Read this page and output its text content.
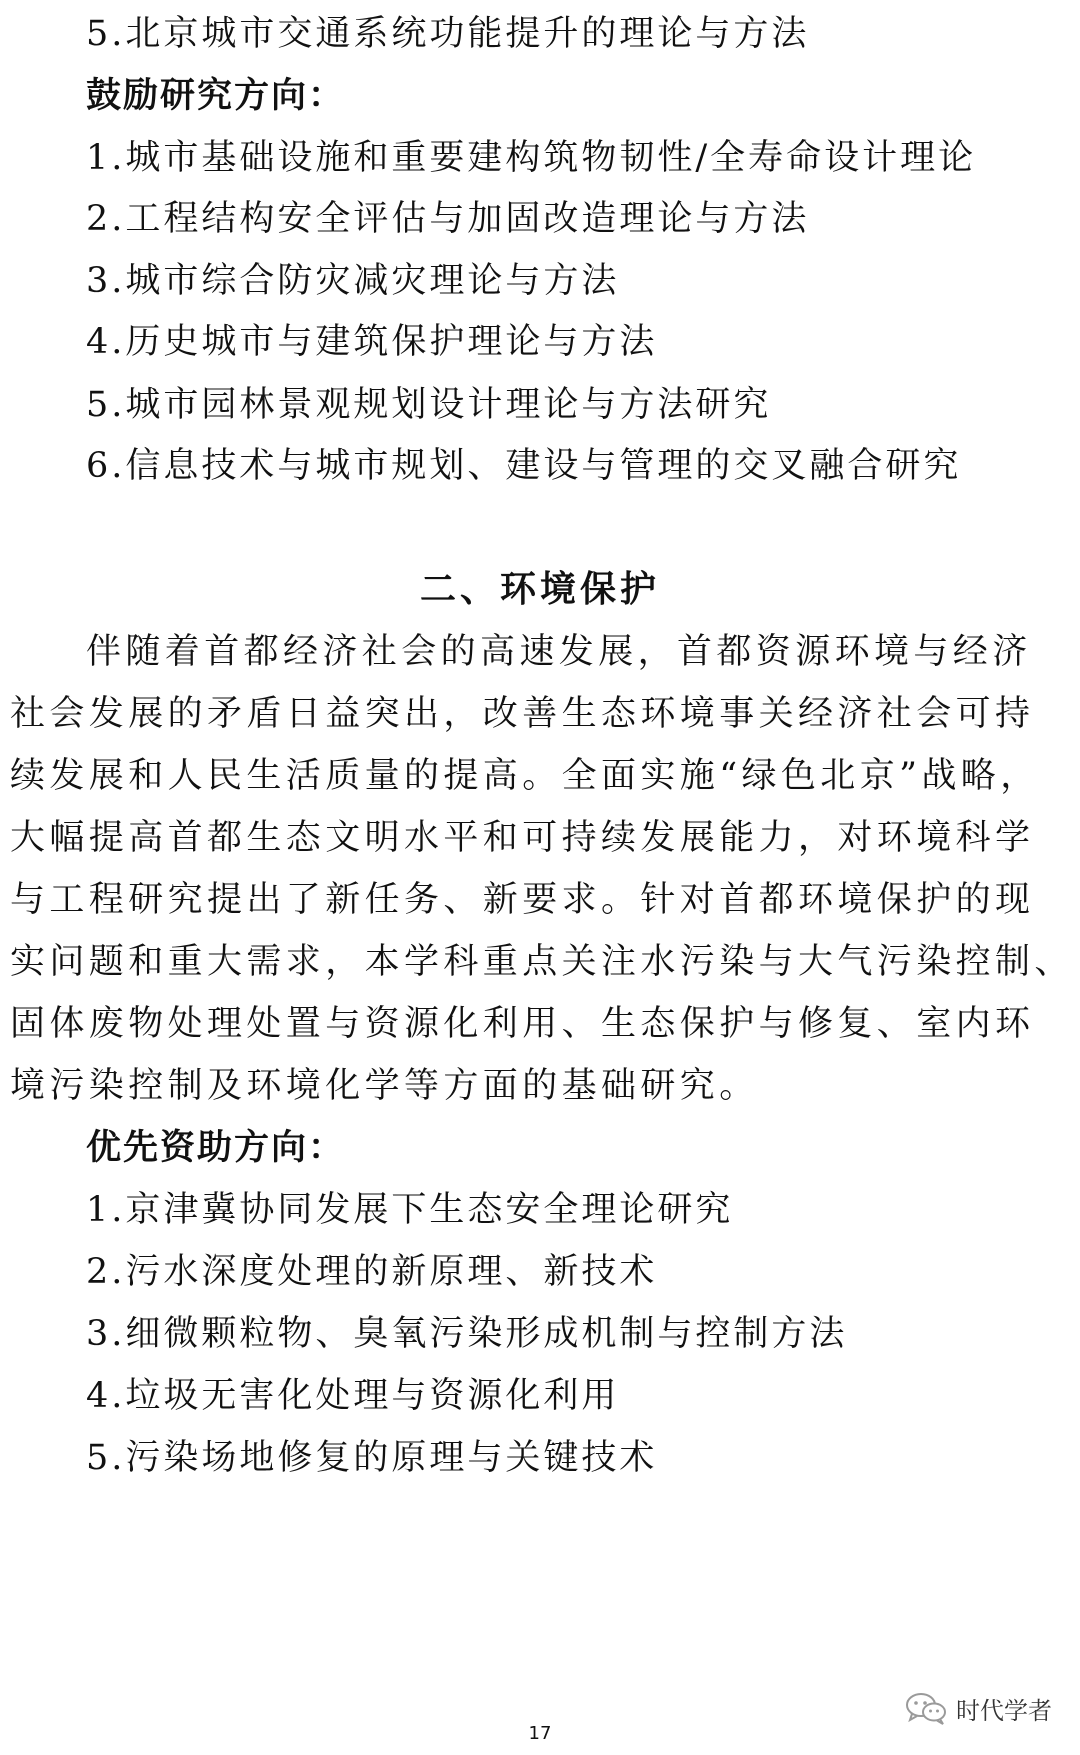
5.北京城市交通系统功能提升的理论与方法
鼓励研究方向：
1.城市基础设施和重要建构筑物韧性/全寿命设计理论
2.工程结构安全评估与加固改造理论与方法
3.城市综合防灾减灾理论与方法
4.历史城市与建筑保护理论与方法
5.城市园林景观规划设计理论与方法研究
6.信息技术与城市规划、建设与管理的交叉融合研究
二、环境保护
伴随着首都经济社会的高速发展，首都资源环境与经济
社会发展的矛盾日益突出，改善生态环境事关经济社会可持
续发展和人民生活质量的提高。全面实施“绿色北京”战略，
大幅提高首都生态文明水平和可持续发展能力，对环境科学
与工程研究提出了新任务、新要求。针对首都环境保护的现
实问题和重大需求，本学科重点关注水污染与大气污染控制、
固体废物处理处置与资源化利用、生态保护与修复、室内环
境污染控制及环境化学等方面的基础研究。
优先资助方向：
1.京津冀协同发展下生态安全理论研究
2.污水深度处理的新原理、新技术
3.细微颗粒物、臭氧污染形成机制与控制方法
4.垃圾无害化处理与资源化利用
5.污染场地修复的原理与关键技术
时代学者
17
